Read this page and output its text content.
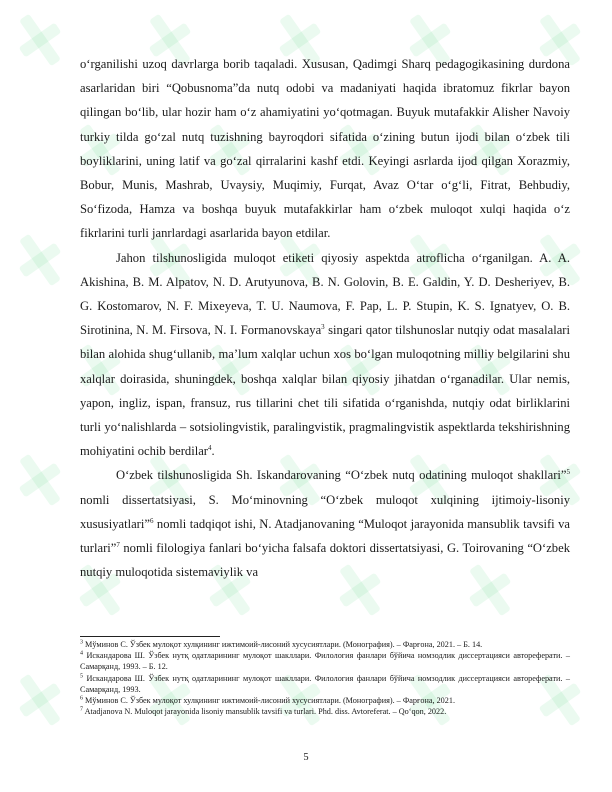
o‘rganilishi uzoq davrlarga borib taqaladi. Xususan, Qadimgi Sharq pedagogikasining durdona asarlaridan biri “Qobusnoma”da nutq odobi va madaniyati haqida ibratomuz fikrlar bayon qilingan bo‘lib, ular hozir ham o‘z ahamiyatini yo‘qotmagan. Buyuk mutafakkir Alisher Navoiy turkiy tilda go‘zal nutq tuzishning bayroqdori sifatida o‘zining butun ijodi bilan o‘zbek tili boyliklarini, uning latif va go‘zal qirralarini kashf etdi. Keyingi asrlarda ijod qilgan Xorazmiy, Bobur, Munis, Mashrab, Uvaysiy, Muqimiy, Furqat, Avaz O‘tar o‘g‘li, Fitrat, Behbudiy, So‘fizoda, Hamza va boshqa buyuk mutafakkirlar ham o‘zbek muloqot xulqi haqida o‘z fikrlarini turli janrlardagi asarlarida bayon etdilar.

Jahon tilshunosligida muloqot etiketi qiyosiy aspektda atroflicha o‘rganilgan. A. A. Akishina, B. M. Alpatov, N. D. Arutyunova, B. N. Golovin, B. E. Galdin, Y. D. Desheriyev, B. G. Kostomarov, N. F. Mixeyeva, T. U. Naumova, F. Pap, L. P. Stupin, K. S. Ignatyev, O. B. Sirotinina, N. M. Firsova, N. I. Formanovskaya$^3$ singari qator tilshunoslar nutqiy odat masalalari bilan alohida shug‘ullanib, ma’lum xalqlar uchun xos bo‘lgan muloqotning milliy belgilarini shu xalqlar doirasida, shuningdek, boshqa xalqlar bilan qiyosiy jihatdan o‘rganadilar. Ular nemis, yapon, ingliz, ispan, fransuz, rus tillarini chet tili sifatida o‘rganishda, nutqiy odat birliklarini turli yo‘nalishlarda – sotsiolingvistik, paralingvistik, pragmalingvistik aspektlarda tekshirishning mohiyatini ochib berdilar$^4$.

O‘zbek tilshunosligida Sh. Iskandarovaning “O‘zbek nutq odatining muloqot shakllari”$^5$ nomli dissertatsiyasi, S. Mo‘minovning “O‘zbek muloqot xulqining ijtimoiy-lisoniy xususiyatlari”$^6$ nomli tadqiqot ishi, N. Atadjanovaning “Muloqot jarayonida mansublik tavsifi va turlari”$^7$ nomli filologiya fanlari bo‘yicha falsafa doktori dissertatsiyasi, G. Toirovaning “O‘zbek nutqiy muloqotida sistemaviylik va

$^3$ Мўминов С. Ўзбек мулоқот хулқининг ижтимоий-лисоний хусусиятлари. (Монография). – Фарғона, 2021. – Б. 14.

$^4$ Искандарова Ш. Ўзбек нутқ одатларининг мулоқот шакллари. Филология фанлари бўйича номзодлик диссертацияси автореферати. – Самарқанд, 1993. – Б. 12.

$^5$ Искандарова Ш. Ўзбек нутқ одатларининг мулоқот шакллари. Филология фанлари бўйича номзодлик диссертацияси автореферати. – Самарқанд, 1993.

$^6$ Мўминов С. Ўзбек мулоқот хулқининг ижтимоий-лисоний хусусиятлари. (Монография). – Фарғона, 2021.

$^7$ Atadjanova N. Muloqot jarayonida lisoniy mansublik tavsifi va turlari. Phd. diss. Avtoreferat. – Qo‘qon, 2022.

5
